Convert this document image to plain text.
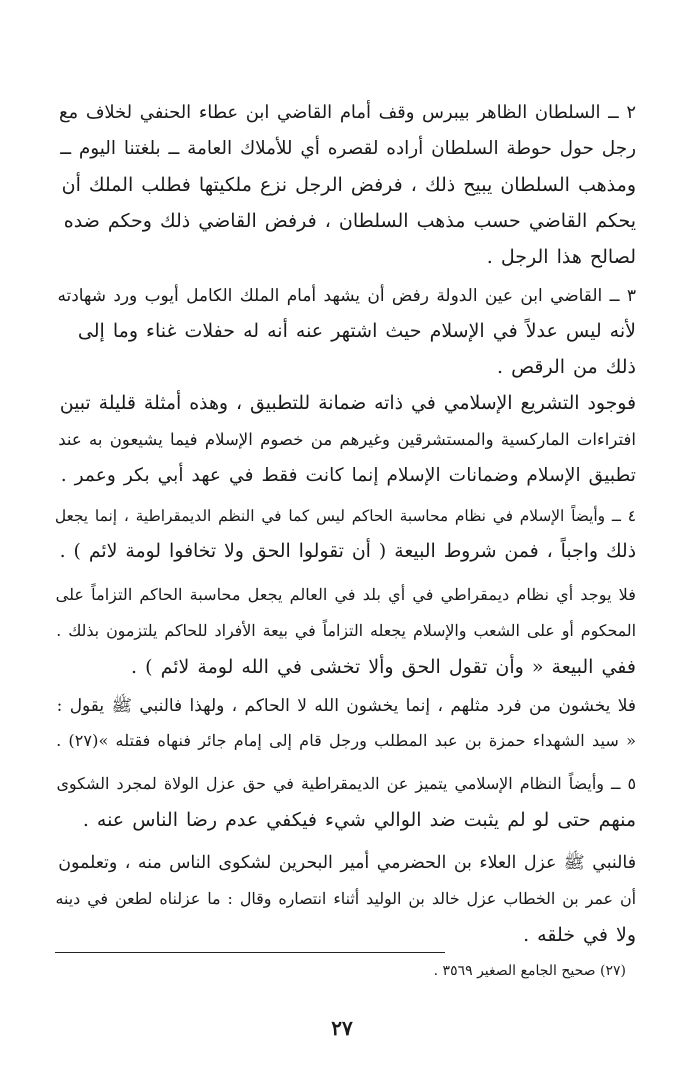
٢ ــ السلطان الظاهر بيبرس وقف أمام القاضي ابن عطاء الحنفي لخلاف مع
رجل حول حوطة السلطان أراده لقصره أي للأملاك العامة ــ بلغتنا اليوم ــ
ومذهب السلطان يبيح ذلك ، فرفض الرجل نزع ملكيتها فطلب الملك أن
يحكم القاضي حسب مذهب السلطان ، فرفض القاضي ذلك وحكم ضده
لصالح هذا الرجل .
٣ ــ القاضي ابن عين الدولة رفض أن يشهد أمام الملك الكامل أيوب ورد شهادته
لأنه ليس عدلاً في الإسلام حيث اشتهر عنه أنه له حفلات غناء وما إلى
ذلك من الرقص .
فوجود التشريع الإسلامي في ذاته ضمانة للتطبيق ، وهذه أمثلة قليلة تبين
افتراءات الماركسية والمستشرقين وغيرهم من خصوم الإسلام فيما يشيعون به عند
تطبيق الإسلام وضمانات الإسلام إنما كانت فقط في عهد أبي بكر وعمر .
٤ ــ وأيضاً الإسلام في نظام محاسبة الحاكم ليس كما في النظم الديمقراطية ، إنما يجعل
ذلك واجباً ، فمن شروط البيعة ( أن تقولوا الحق ولا تخافوا لومة لائم ) .
فلا يوجد أي نظام ديمقراطي في أي بلد في العالم يجعل محاسبة الحاكم التزاماً على
المحكوم أو على الشعب والإسلام يجعله التزاماً في بيعة الأفراد للحاكم يلتزمون بذلك .
ففي البيعة « وأن تقول الحق وألا تخشى في الله لومة لائم ) .
فلا يخشون من فرد مثلهم ، إنما يخشون الله لا الحاكم ، ولهذا فالنبي ﷺ يقول :
« سيد الشهداء حمزة بن عبد المطلب ورجل قام إلى إمام جائر فنهاه فقتله »(٢٧) .
٥ ــ وأيضاً النظام الإسلامي يتميز عن الديمقراطية في حق عزل الولاة لمجرد الشكوى
منهم حتى لو لم يثبت ضد الوالي شيء فيكفي عدم رضا الناس عنه .
فالنبي ﷺ عزل العلاء بن الحضرمي أمير البحرين لشكوى الناس منه ، وتعلمون
أن عمر بن الخطاب عزل خالد بن الوليد أثناء انتصاره وقال : ما عزلناه لطعن في دينه
ولا في خلقه .
(٢٧) صحيح الجامع الصغير ٣٥٦٩ .
٢٧
